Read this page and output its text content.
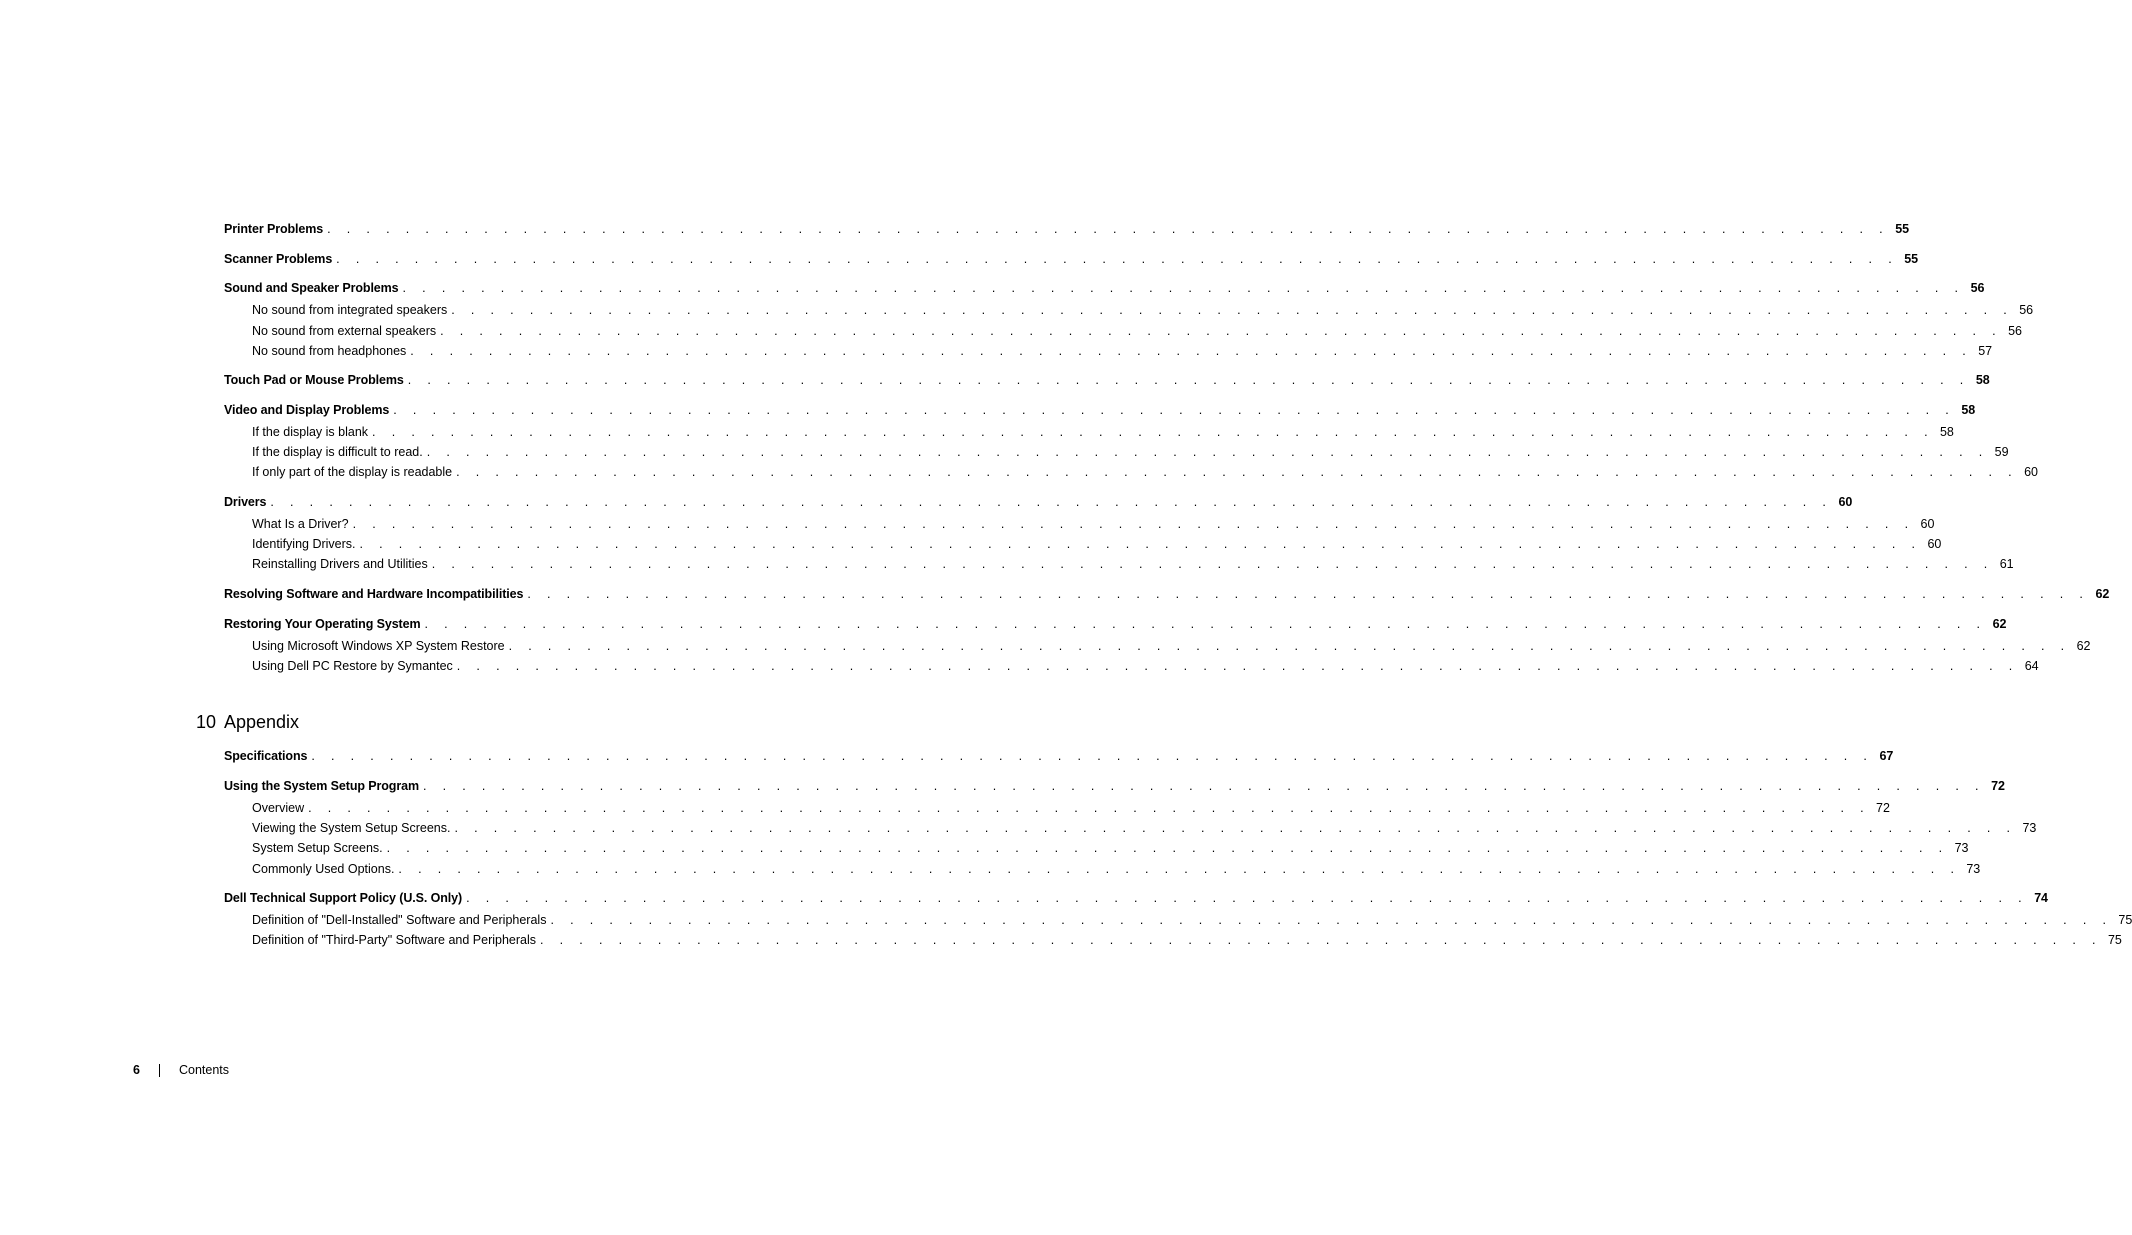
10 Appendix
Printer Problems . . . . . . . . . . . . . . . . . . . . . . . . . . . . . . . . . . . . . . . . . . . . . . . . . . . . . . . . . . . . . . . . . . . . . . . . . . . . . . . . 55
Scanner Problems . . . . . . . . . . . . . . . . . . . . . . . . . . . . . . . . . . . . . . . . . . . . . . . . . . . . . . . . . . . . . . . . . . . . . . . . . . . . . . . . 55
Sound and Speaker Problems . . . . . . . . . . . . . . . . . . . . . . . . . . . . . . . . . . . . . . . . . . . . . . . . . . . . . . . . . . . . . . . . . . . . . . . . . . . . . . . . 56
No sound from integrated speakers . . . . . . . . . . . . . . . . . . . . . . . . . . . . . . . . . . . . . . . . . . . . . . . . . . . . . . . . . . . . . . . . . . . . . . . . . . . . . . . . 56
No sound from external speakers . . . . . . . . . . . . . . . . . . . . . . . . . . . . . . . . . . . . . . . . . . . . . . . . . . . . . . . . . . . . . . . . . . . . . . . . . . . . . . . . 56
No sound from headphones . . . . . . . . . . . . . . . . . . . . . . . . . . . . . . . . . . . . . . . . . . . . . . . . . . . . . . . . . . . . . . . . . . . . . . . . . . . . . . . . 57
Touch Pad or Mouse Problems . . . . . . . . . . . . . . . . . . . . . . . . . . . . . . . . . . . . . . . . . . . . . . . . . . . . . . . . . . . . . . . . . . . . . . . . . . . . . . . . 58
Video and Display Problems . . . . . . . . . . . . . . . . . . . . . . . . . . . . . . . . . . . . . . . . . . . . . . . . . . . . . . . . . . . . . . . . . . . . . . . . . . . . . . . . 58
If the display is blank . . . . . . . . . . . . . . . . . . . . . . . . . . . . . . . . . . . . . . . . . . . . . . . . . . . . . . . . . . . . . . . . . . . . . . . . . . . . . . . . 58
If the display is difficult to read. . . . . . . . . . . . . . . . . . . . . . . . . . . . . . . . . . . . . . . . . . . . . . . . . . . . . . . . . . . . . . . . . . . . . . . . . . . . . . . . . 59
If only part of the display is readable . . . . . . . . . . . . . . . . . . . . . . . . . . . . . . . . . . . . . . . . . . . . . . . . . . . . . . . . . . . . . . . . . . . . . . . . . . . . . . . . 60
Drivers . . . . . . . . . . . . . . . . . . . . . . . . . . . . . . . . . . . . . . . . . . . . . . . . . . . . . . . . . . . . . . . . . . . . . . . . . . . . . . . . 60
What Is a Driver? . . . . . . . . . . . . . . . . . . . . . . . . . . . . . . . . . . . . . . . . . . . . . . . . . . . . . . . . . . . . . . . . . . . . . . . . . . . . . . . . 60
Identifying Drivers. . . . . . . . . . . . . . . . . . . . . . . . . . . . . . . . . . . . . . . . . . . . . . . . . . . . . . . . . . . . . . . . . . . . . . . . . . . . . . . . . 60
Reinstalling Drivers and Utilities . . . . . . . . . . . . . . . . . . . . . . . . . . . . . . . . . . . . . . . . . . . . . . . . . . . . . . . . . . . . . . . . . . . . . . . . . . . . . . . . 61
Resolving Software and Hardware Incompatibilities . . . . . . . . . . . . . . . . . . . . . . . . . . . . . . . . . . . . . . . . . . . . . . . . . . . . . . . . . . . . . . . . . . . . . . . . . . . . . . . . 62
Restoring Your Operating System . . . . . . . . . . . . . . . . . . . . . . . . . . . . . . . . . . . . . . . . . . . . . . . . . . . . . . . . . . . . . . . . . . . . . . . . . . . . . . . . 62
Using Microsoft Windows XP System Restore . . . . . . . . . . . . . . . . . . . . . . . . . . . . . . . . . . . . . . . . . . . . . . . . . . . . . . . . . . . . . . . . . . . . . . . . . . . . . . . . 62
Using Dell PC Restore by Symantec . . . . . . . . . . . . . . . . . . . . . . . . . . . . . . . . . . . . . . . . . . . . . . . . . . . . . . . . . . . . . . . . . . . . . . . . . . . . . . . . 64
Specifications . . . . . . . . . . . . . . . . . . . . . . . . . . . . . . . . . . . . . . . . . . . . . . . . . . . . . . . . . . . . . . . . . . . . . . . . . . . . . . . . 67
Using the System Setup Program . . . . . . . . . . . . . . . . . . . . . . . . . . . . . . . . . . . . . . . . . . . . . . . . . . . . . . . . . . . . . . . . . . . . . . . . . . . . . . . . 72
Overview . . . . . . . . . . . . . . . . . . . . . . . . . . . . . . . . . . . . . . . . . . . . . . . . . . . . . . . . . . . . . . . . . . . . . . . . . . . . . . . . 72
Viewing the System Setup Screens. . . . . . . . . . . . . . . . . . . . . . . . . . . . . . . . . . . . . . . . . . . . . . . . . . . . . . . . . . . . . . . . . . . . . . . . . . . . . . . . . 73
System Setup Screens. . . . . . . . . . . . . . . . . . . . . . . . . . . . . . . . . . . . . . . . . . . . . . . . . . . . . . . . . . . . . . . . . . . . . . . . . . . . . . . . . 73
Commonly Used Options. . . . . . . . . . . . . . . . . . . . . . . . . . . . . . . . . . . . . . . . . . . . . . . . . . . . . . . . . . . . . . . . . . . . . . . . . . . . . . . . . 73
Dell Technical Support Policy (U.S. Only) . . . . . . . . . . . . . . . . . . . . . . . . . . . . . . . . . . . . . . . . . . . . . . . . . . . . . . . . . . . . . . . . . . . . . . . . . . . . . . . . 74
Definition of "Dell-Installed" Software and Peripherals . . . . . . . . . . . . . . . . . . . . . . . . . . . . . . . . . . . . . . . . . . . . . . . . . . . . . . . . . . . . . . . . . . . . . . . . . . . . . . . . 75
Definition of "Third-Party" Software and Peripherals . . . . . . . . . . . . . . . . . . . . . . . . . . . . . . . . . . . . . . . . . . . . . . . . . . . . . . . . . . . . . . . . . . . . . . . . . . . . . . . . 75
6	Contents
